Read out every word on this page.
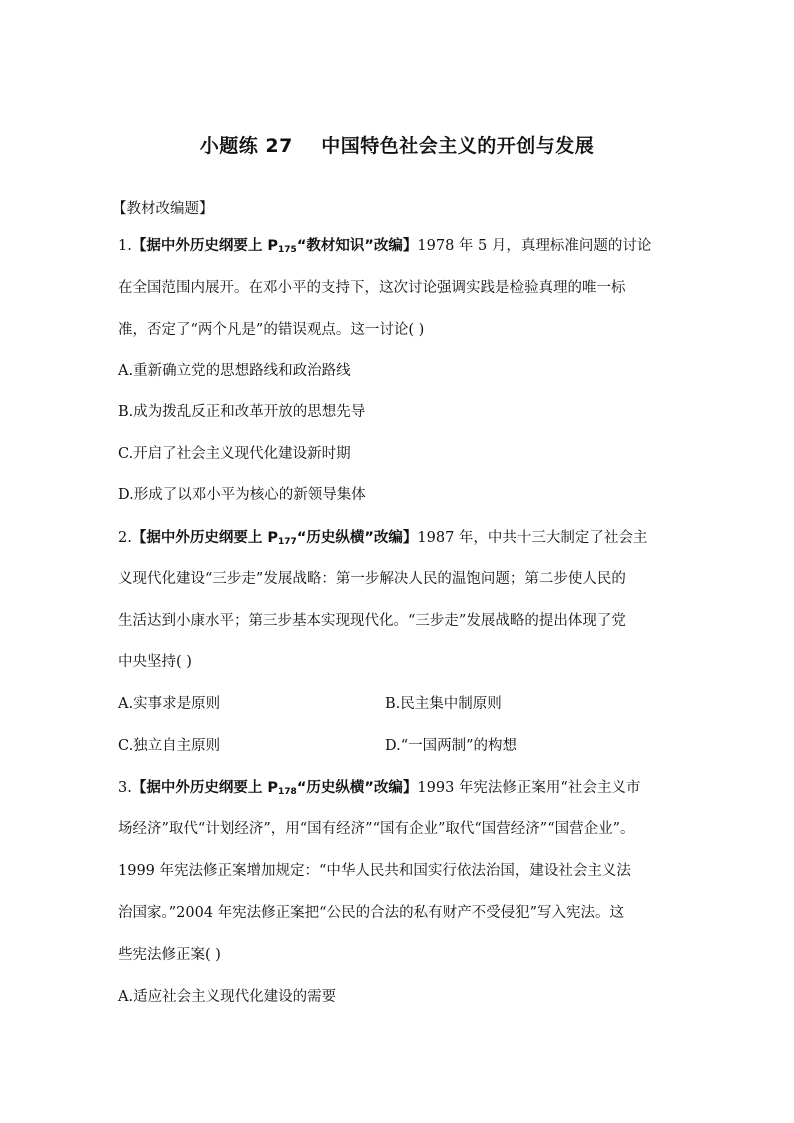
小题练 27    中国特色社会主义的开创与发展
【教材改编题】
1.【据中外历史纲要上 $P_{175}“$教材知识”改编】1978 年 5 月，真理标准问题的讨论
在全国范围内展开。在邓小平的支持下，这次讨论强调实践是检验真理的唯一标
准，否定了“两个凡是”的错误观点。这一讨论( )
A.重新确立党的思想路线和政治路线
B.成为拨乱反正和改革开放的思想先导
C.开启了社会主义现代化建设新时期
D.形成了以邓小平为核心的新领导集体
2.【据中外历史纲要上 $P_{177}“$历史纵横”改编】1987 年，中共十三大制定了社会主
义现代化建设“三步走”发展战略：第一步解决人民的温饱问题；第二步使人民的
生活达到小康水平；第三步基本实现现代化。“三步走”发展战略的提出体现了党
中央坚持( )
A.实事求是原则	B.民主集中制原则
C.独立自主原则	D.“一国两制”的构想
3.【据中外历史纲要上 $P_{178}“$历史纵横”改编】1993 年宪法修正案用“社会主义市
场经济”取代“计划经济”，用“国有经济”“国有企业”取代“国营经济”“国营企业”。
1999 年宪法修正案增加规定：“中华人民共和国实行依法治国，建设社会主义法
治国家。”2004 年宪法修正案把“公民的合法的私有财产不受侵犯”写入宪法。这
些宪法修正案( )
A.适应社会主义现代化建设的需要
